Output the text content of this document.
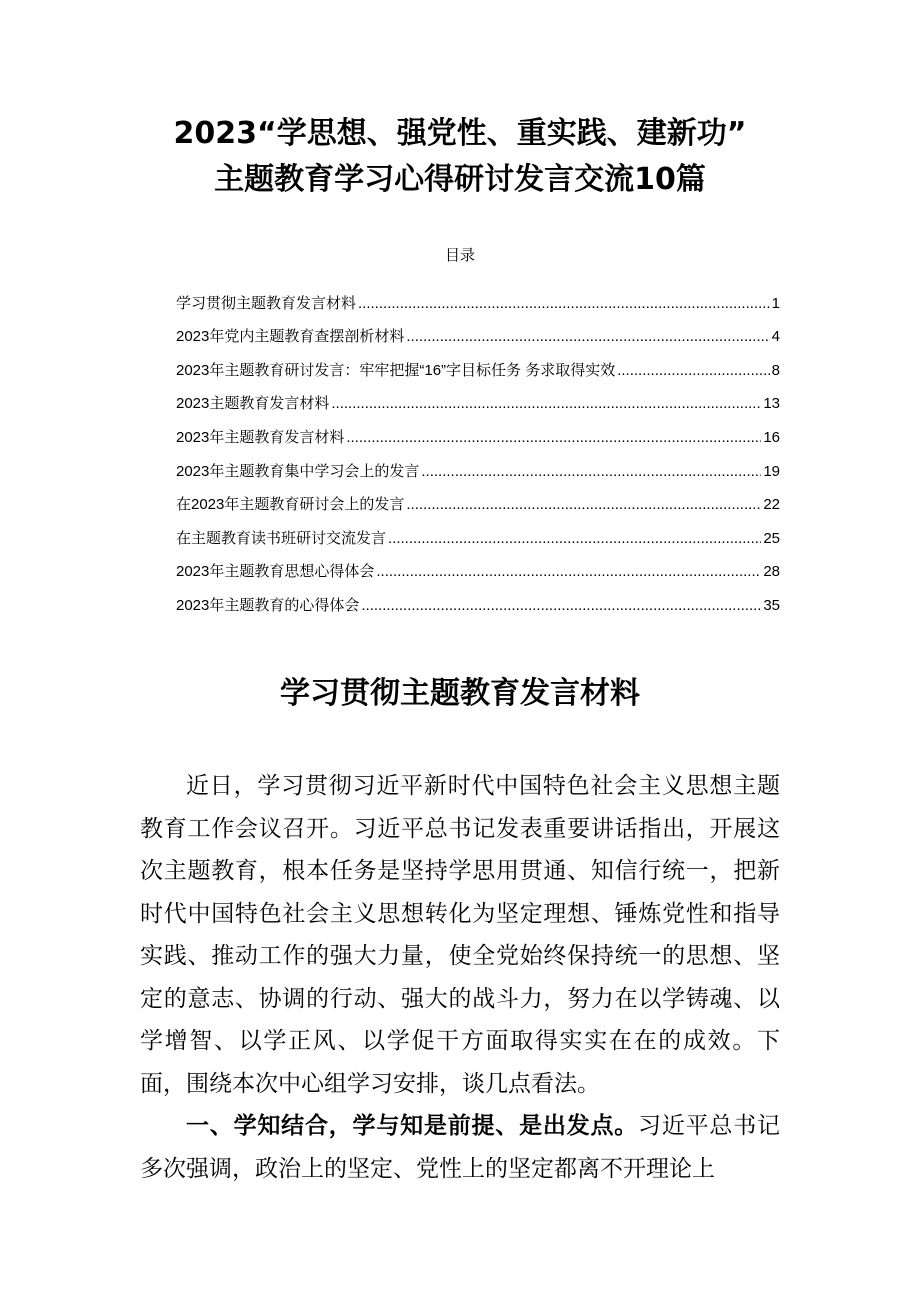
2023“学思想、强党性、重实践、建新功”
主题教育学习心得研讨发言交流10篇
目录
学习贯彻主题教育发言材料 .....	1
2023年党内主题教育查摆剖析材料 .....	4
2023年主题教育研讨发言：牢牢把握“16”字目标任务 务求取得实效 .....	8
2023主题教育发言材料 .....	13
2023年主题教育发言材料 .....	16
2023年主题教育集中学习会上的发言 .....	19
在2023年主题教育研讨会上的发言 .....	22
在主题教育读书班研讨交流发言 .....	25
2023年主题教育思想心得体会 .....	28
2023年主题教育的心得体会 .....	35
学习贯彻主题教育发言材料

近日，学习贯彻习近平新时代中国特色社会主义思想主题教育工作会议召开。习近平总书记发表重要讲话指出，开展这次主题教育，根本任务是坚持学思用贯通、知信行统一，把新时代中国特色社会主义思想转化为坚定理想、锤炼党性和指导实践、推动工作的强大力量，使全党始终保持统一的思想、坚定的意志、协调的行动、强大的战斗力，努力在以学铸魂、以学增智、以学正风、以学促干方面取得实实在在的成效。下面，围绕本次中心组学习安排，谈几点看法。

一、学知结合，学与知是前提、是出发点。习近平总书记多次强调，政治上的坚定、党性上的坚定都离不开理论上
